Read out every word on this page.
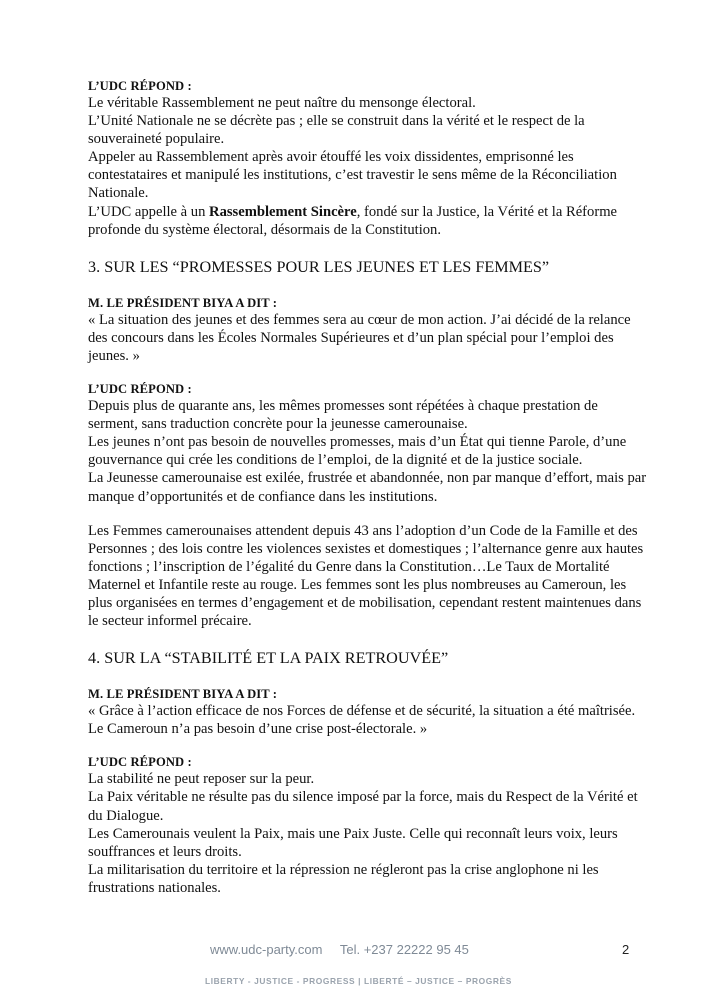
L’UDC RÉPOND :

Le véritable Rassemblement ne peut naître du mensonge électoral.

L’Unité Nationale ne se décrète pas ; elle se construit dans la vérité et le respect de la souveraineté populaire.

Appeler au Rassemblement après avoir étouffé les voix dissidentes, emprisonné les contestataires et manipulé les institutions, c’est travestir le sens même de la Réconciliation Nationale.

L’UDC appelle à un Rassemblement Sincère, fondé sur la Justice, la Vérité et la Réforme profonde du système électoral, désormais de la Constitution.

3. SUR LES “PROMESSES POUR LES JEUNES ET LES FEMMES”

M. LE PRÉSIDENT BIYA A DIT :

« La situation des jeunes et des femmes sera au cœur de mon action. J’ai décidé de la relance des concours dans les Écoles Normales Supérieures et d’un plan spécial pour l’emploi des jeunes. »

L’UDC RÉPOND :

Depuis plus de quarante ans, les mêmes promesses sont répétées à chaque prestation de serment, sans traduction concrète pour la jeunesse camerounaise.

Les jeunes n’ont pas besoin de nouvelles promesses, mais d’un État qui tienne Parole, d’une gouvernance qui crée les conditions de l’emploi, de la dignité et de la justice sociale.

La Jeunesse camerounaise est exilée, frustrée et abandonnée, non par manque d’effort, mais par manque d’opportunités et de confiance dans les institutions.

Les Femmes camerounaises attendent depuis 43 ans l’adoption d’un Code de la Famille et des Personnes ; des lois contre les violences sexistes et domestiques ; l’alternance genre aux hautes fonctions ; l’inscription de l’égalité du Genre dans la Constitution…Le Taux de Mortalité Maternel et Infantile reste au rouge. Les femmes sont les plus nombreuses au Cameroun, les plus organisées en termes d’engagement et de mobilisation, cependant restent maintenues dans le secteur informel précaire.

4. SUR LA “STABILITÉ ET LA PAIX RETROUVÉE”

M. LE PRÉSIDENT BIYA A DIT :

« Grâce à l’action efficace de nos Forces de défense et de sécurité, la situation a été maîtrisée. Le Cameroun n’a pas besoin d’une crise post-électorale. »

L’UDC RÉPOND :

La stabilité ne peut reposer sur la peur.

La Paix véritable ne résulte pas du silence imposé par la force, mais du Respect de la Vérité et du Dialogue.

Les Camerounais veulent la Paix, mais une Paix Juste. Celle qui reconnaît leurs voix, leurs souffrances et leurs droits.

La militarisation du territoire et la répression ne régleront pas la crise anglophone ni les frustrations nationales.

www.udc-party.com Tel. +237 22222 95 45	2
LIBERTY - JUSTICE - PROGRESS | LIBERTÉ – JUSTICE – PROGRÈS
